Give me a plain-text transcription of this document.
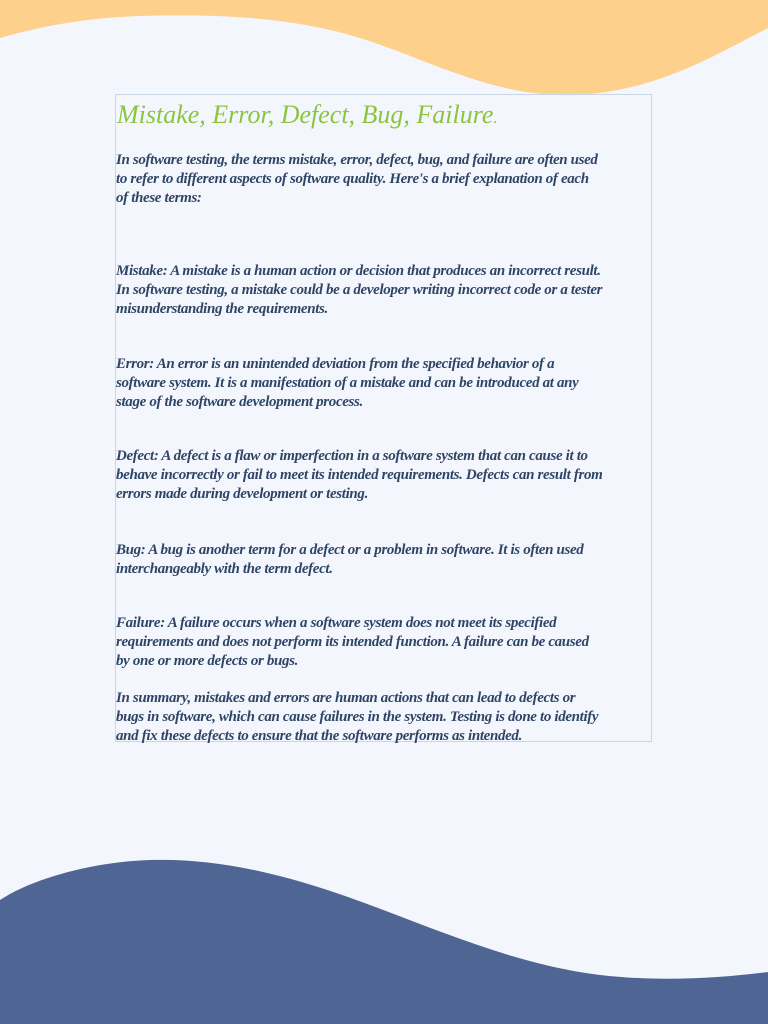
Mistake, Error, Defect, Bug, Failure.

In software testing, the terms mistake, error, defect, bug, and failure are often used
to refer to different aspects of software quality. Here's a brief explanation of each
of these terms:

Mistake: A mistake is a human action or decision that produces an incorrect result.
In software testing, a mistake could be a developer writing incorrect code or a tester
misunderstanding the requirements.

Error: An error is an unintended deviation from the specified behavior of a
software system. It is a manifestation of a mistake and can be introduced at any
stage of the software development process.

Defect: A defect is a flaw or imperfection in a software system that can cause it to
behave incorrectly or fail to meet its intended requirements. Defects can result from
errors made during development or testing.

Bug: A bug is another term for a defect or a problem in software. It is often used
interchangeably with the term defect.

Failure: A failure occurs when a software system does not meet its specified
requirements and does not perform its intended function. A failure can be caused
by one or more defects or bugs.

In summary, mistakes and errors are human actions that can lead to defects or
bugs in software, which can cause failures in the system. Testing is done to identify
and fix these defects to ensure that the software performs as intended.
